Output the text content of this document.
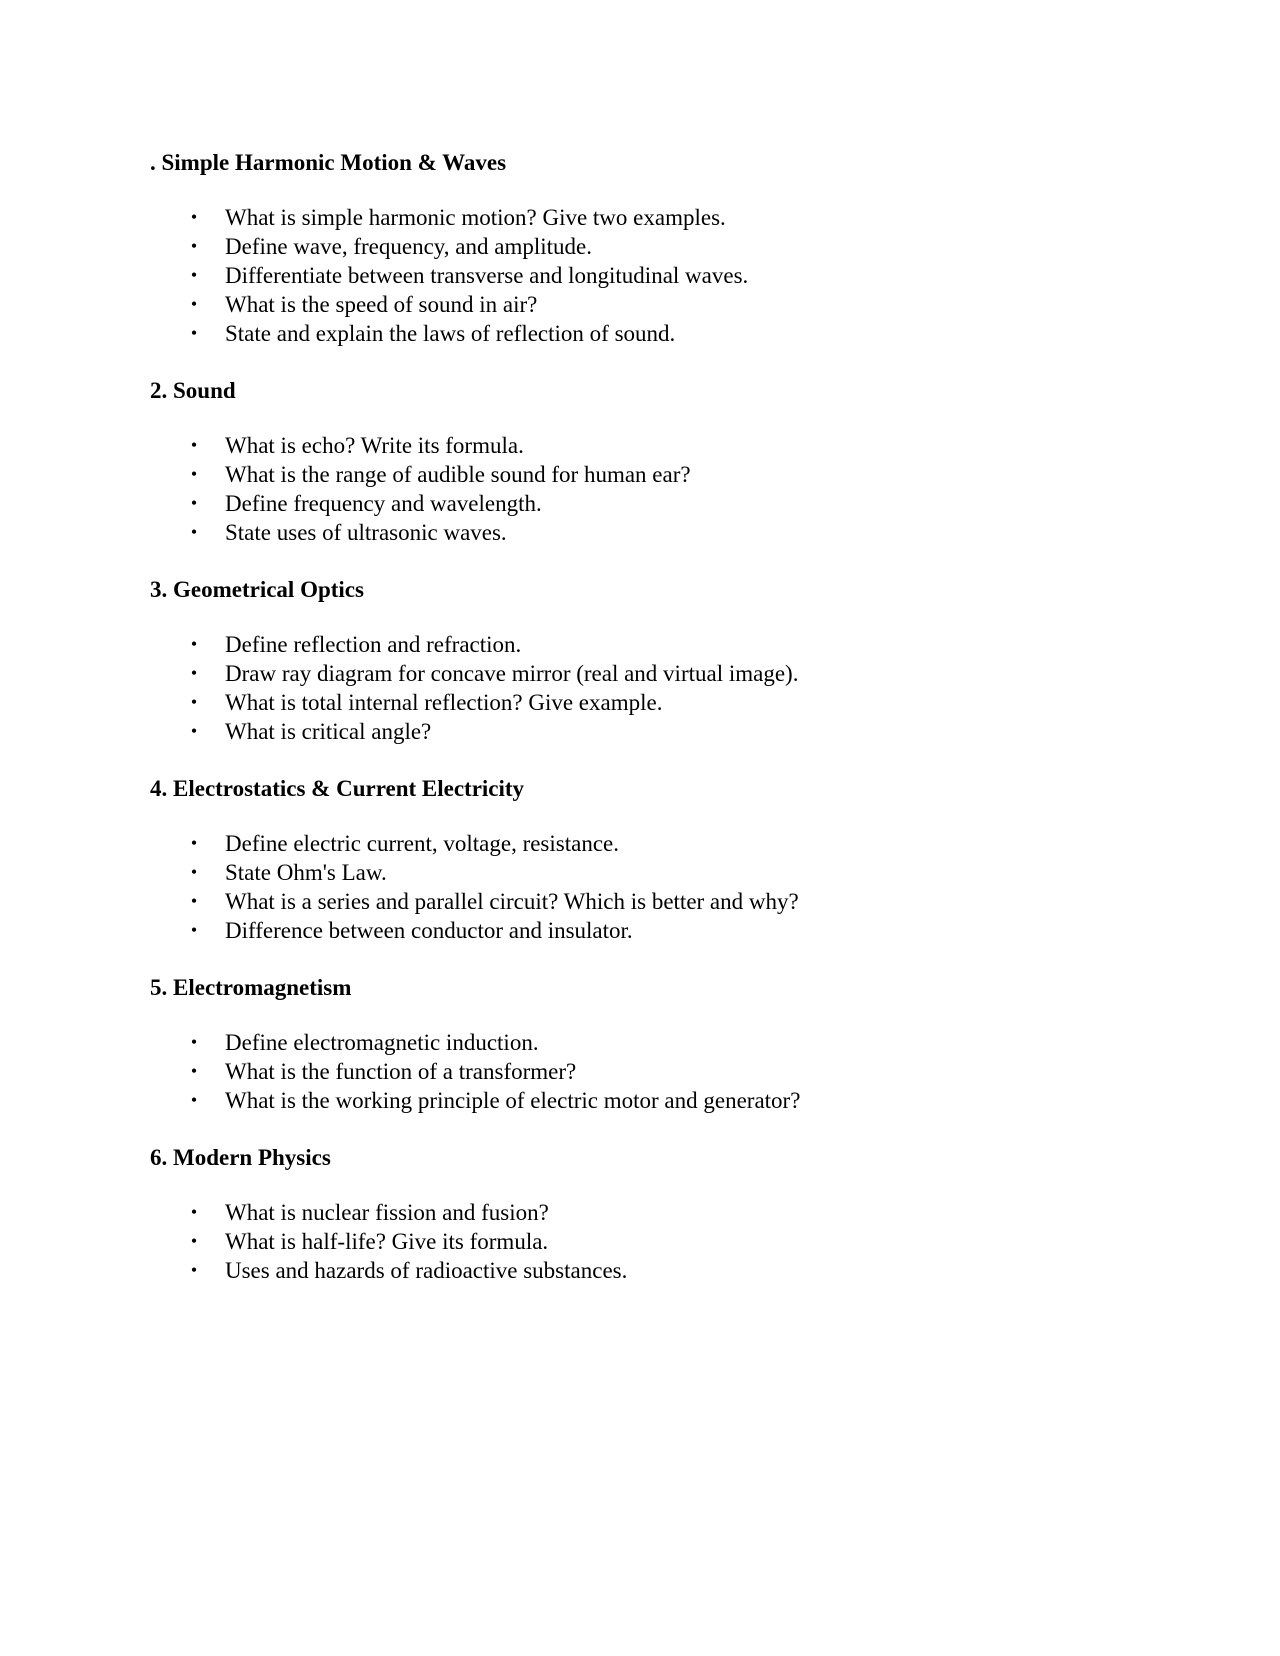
. Simple Harmonic Motion & Waves
• What is simple harmonic motion? Give two examples.
• Define wave, frequency, and amplitude.
• Differentiate between transverse and longitudinal waves.
• What is the speed of sound in air?
• State and explain the laws of reflection of sound.
2. Sound
• What is echo? Write its formula.
• What is the range of audible sound for human ear?
• Define frequency and wavelength.
• State uses of ultrasonic waves.
3. Geometrical Optics
• Define reflection and refraction.
• Draw ray diagram for concave mirror (real and virtual image).
• What is total internal reflection? Give example.
• What is critical angle?
4. Electrostatics & Current Electricity
• Define electric current, voltage, resistance.
• State Ohm's Law.
• What is a series and parallel circuit? Which is better and why?
• Difference between conductor and insulator.
5. Electromagnetism
• Define electromagnetic induction.
• What is the function of a transformer?
• What is the working principle of electric motor and generator?
6. Modern Physics
• What is nuclear fission and fusion?
• What is half-life? Give its formula.
• Uses and hazards of radioactive substances.
